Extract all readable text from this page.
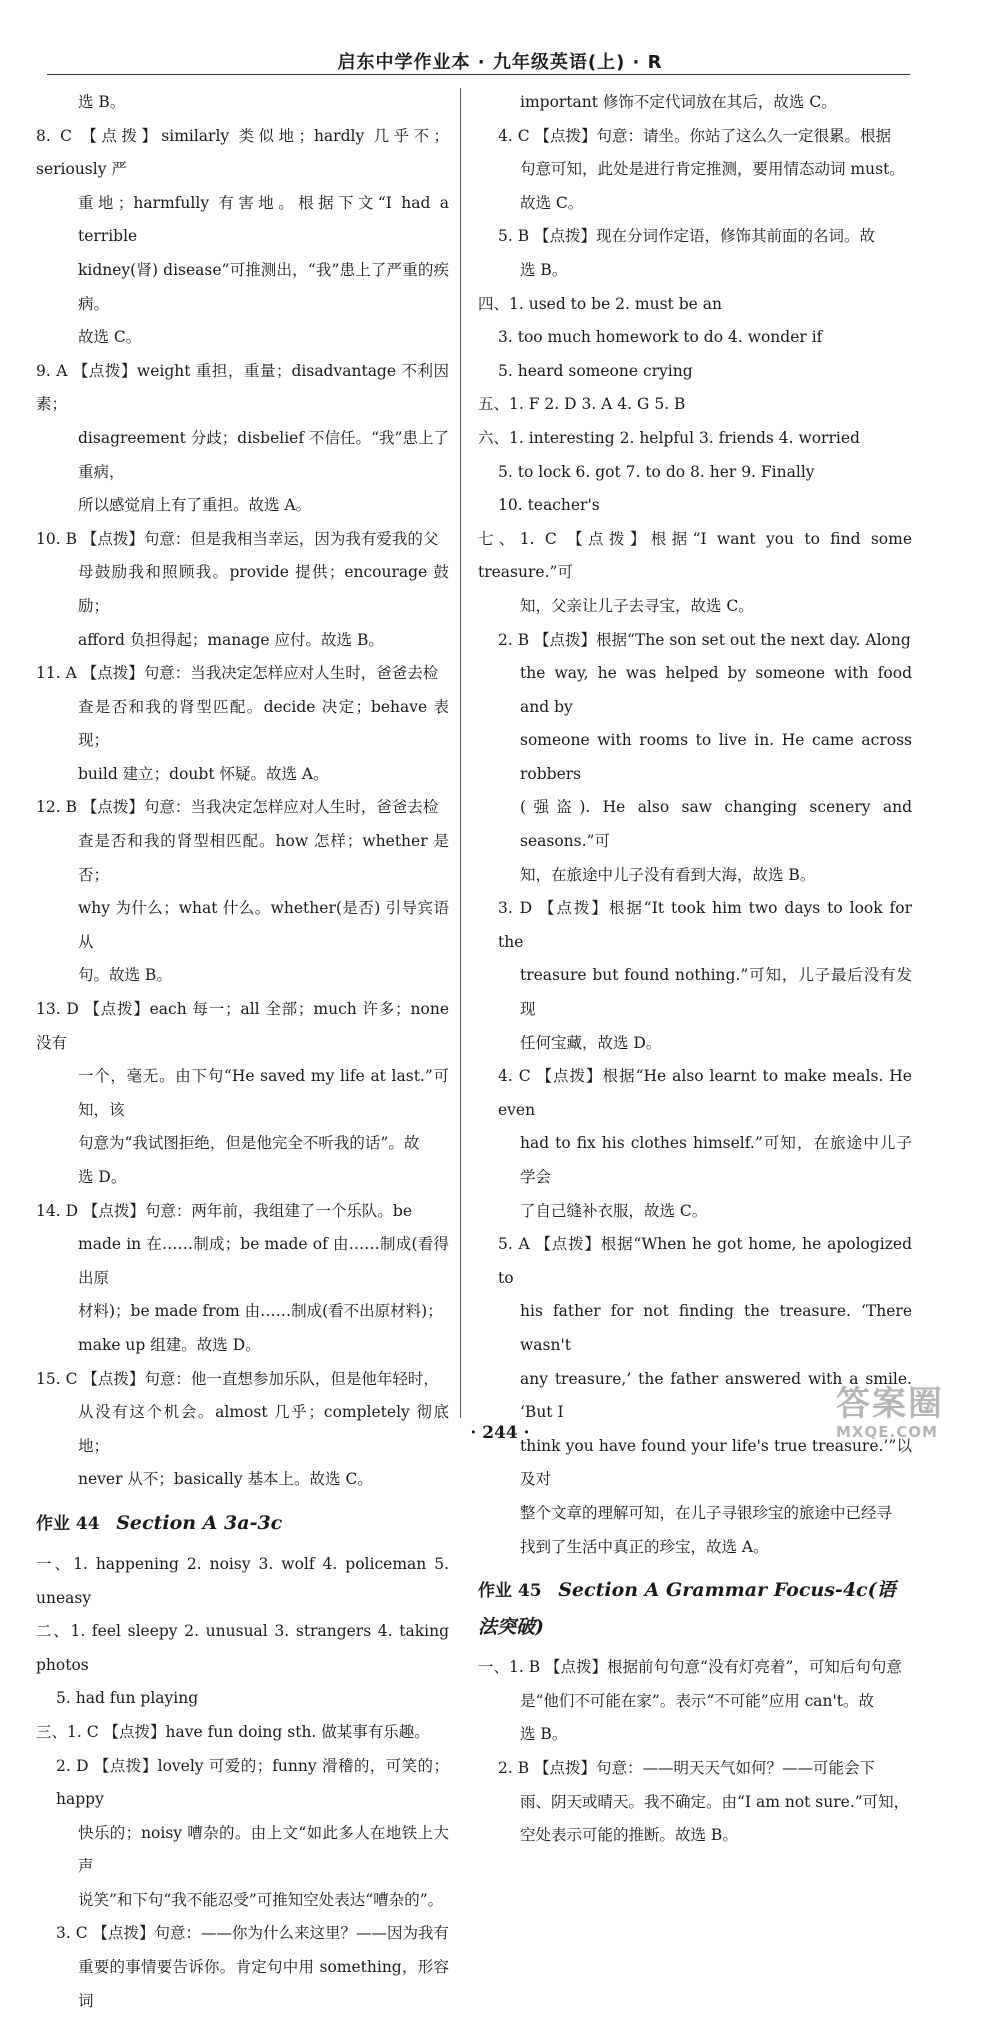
启东中学作业本 · 九年级英语(上) · R

选 B。

8. C 【点拨】similarly 类似地；hardly 几乎不；seriously 严

重地；harmfully 有害地。根据下文“I had a terrible

kidney(肾) disease”可推测出，“我”患上了严重的疾病。

故选 C。

9. A 【点拨】weight 重担，重量；disadvantage 不利因素；

disagreement 分歧；disbelief 不信任。“我”患上了重病，

所以感觉肩上有了重担。故选 A。

10. B 【点拨】句意：但是我相当幸运，因为我有爱我的父

母鼓励我和照顾我。provide 提供；encourage 鼓励；

afford 负担得起；manage 应付。故选 B。

11. A 【点拨】句意：当我决定怎样应对人生时，爸爸去检

查是否和我的肾型匹配。decide 决定；behave 表现；

build 建立；doubt 怀疑。故选 A。

12. B 【点拨】句意：当我决定怎样应对人生时，爸爸去检

查是否和我的肾型相匹配。how 怎样；whether 是否；

why 为什么；what 什么。whether(是否) 引导宾语从

句。故选 B。

13. D 【点拨】each 每一；all 全部；much 许多；none 没有

一个，毫无。由下句“He saved my life at last.”可知，该

句意为“我试图拒绝，但是他完全不听我的话”。故

选 D。

14. D 【点拨】句意：两年前，我组建了一个乐队。be

made in 在……制成；be made of 由……制成(看得出原

材料)；be made from 由……制成(看不出原材料)；

make up 组建。故选 D。

15. C 【点拨】句意：他一直想参加乐队，但是他年轻时，

从没有这个机会。almost 几乎；completely 彻底地；

never 从不；basically 基本上。故选 C。

作业 44 Section A 3a-3c

一、1. happening 2. noisy 3. wolf 4. policeman 5. uneasy

二、1. feel sleepy 2. unusual 3. strangers 4. taking photos

5. had fun playing

三、1. C 【点拨】have fun doing sth. 做某事有乐趣。

2. D 【点拨】lovely 可爱的；funny 滑稽的，可笑的；happy

快乐的；noisy 嘈杂的。由上文“如此多人在地铁上大声

说笑”和下句“我不能忍受”可推知空处表达“嘈杂的”。

3. C 【点拨】句意：——你为什么来这里？——因为我有

重要的事情要告诉你。肯定句中用 something，形容词

important 修饰不定代词放在其后，故选 C。

4. C 【点拨】句意：请坐。你站了这么久一定很累。根据

句意可知，此处是进行肯定推测，要用情态动词 must。

故选 C。

5. B 【点拨】现在分词作定语，修饰其前面的名词。故

选 B。

四、1. used to be 2. must be an

3. too much homework to do 4. wonder if

5. heard someone crying

五、1. F 2. D 3. A 4. G 5. B

六、1. interesting 2. helpful 3. friends 4. worried

5. to lock 6. got 7. to do 8. her 9. Finally

10. teacher's

七、1. C 【点拨】根据“I want you to find some treasure.”可

知，父亲让儿子去寻宝，故选 C。

2. B 【点拨】根据“The son set out the next day. Along

the way, he was helped by someone with food and by

someone with rooms to live in. He came across robbers

(强盗). He also saw changing scenery and seasons.”可

知，在旅途中儿子没有看到大海，故选 B。

3. D 【点拨】根据“It took him two days to look for the

treasure but found nothing.”可知，儿子最后没有发现

任何宝藏，故选 D。

4. C 【点拨】根据“He also learnt to make meals. He even

had to fix his clothes himself.”可知，在旅途中儿子学会

了自己缝补衣服，故选 C。

5. A 【点拨】根据“When he got home, he apologized to

his father for not finding the treasure. ‘There wasn't

any treasure,’ the father answered with a smile. ‘But I

think you have found your life's true treasure.’”以及对

整个文章的理解可知，在儿子寻银珍宝的旅途中已经寻

找到了生活中真正的珍宝，故选 A。

作业 45 Section A Grammar Focus-4c(语法突破)

一、1. B 【点拨】根据前句句意“没有灯亮着”，可知后句句意

是“他们不可能在家”。表示“不可能”应用 can't。故

选 B。

2. B 【点拨】句意：——明天天气如何？——可能会下

雨、阴天或晴天。我不确定。由“I am not sure.”可知，

空处表示可能的推断。故选 B。

· 244 ·
答案圈
MXQE.COM
